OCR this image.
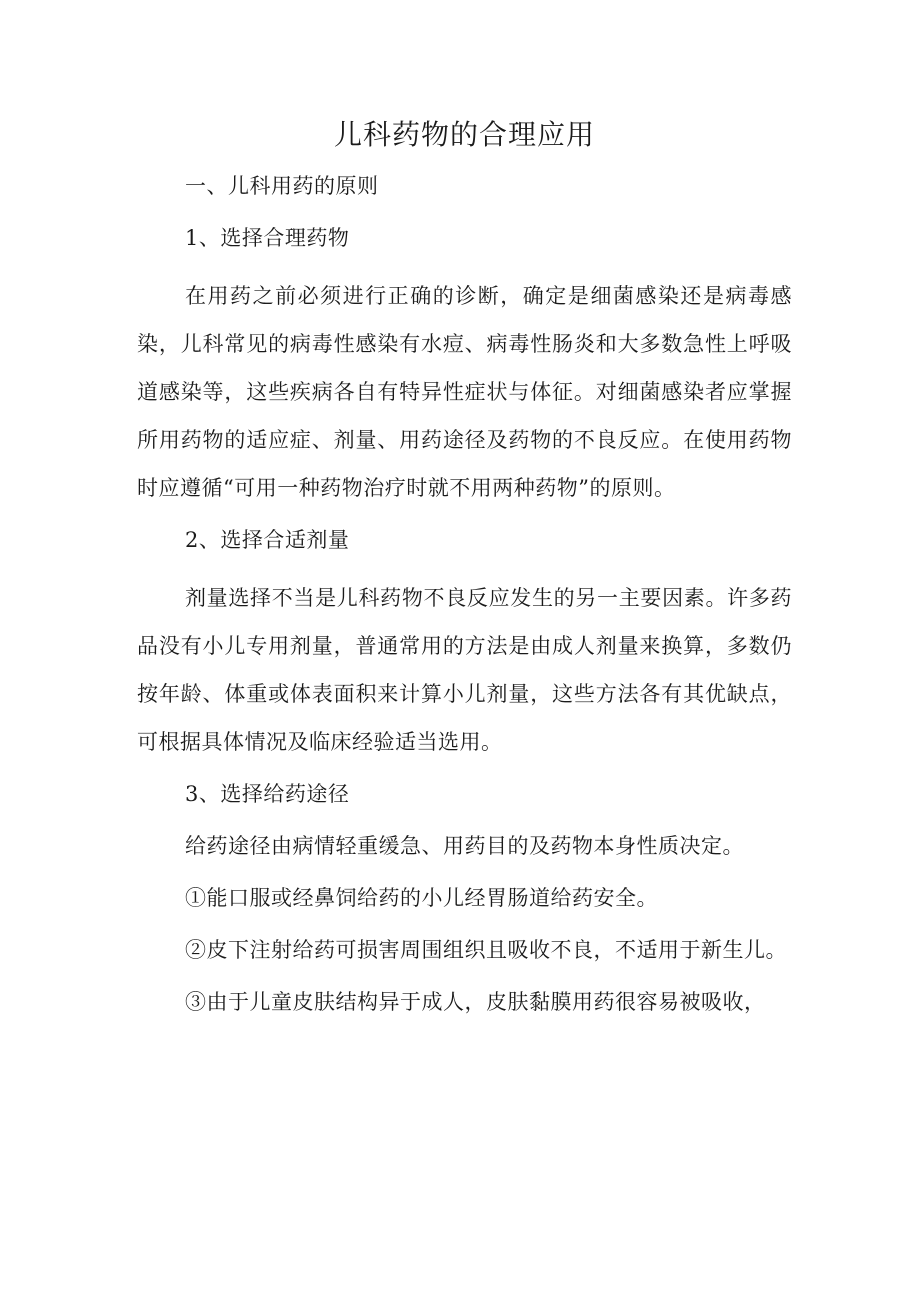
儿科药物的合理应用

一、儿科用药的原则

1、选择合理药物

在用药之前必须进行正确的诊断，确定是细菌感染还是病毒感染，儿科常见的病毒性感染有水痘、病毒性肠炎和大多数急性上呼吸道感染等，这些疾病各自有特异性症状与体征。对细菌感染者应掌握所用药物的适应症、剂量、用药途径及药物的不良反应。在使用药物时应遵循“可用一种药物治疗时就不用两种药物”的原则。

2、选择合适剂量

剂量选择不当是儿科药物不良反应发生的另一主要因素。许多药品没有小儿专用剂量，普通常用的方法是由成人剂量来换算，多数仍按年龄、体重或体表面积来计算小儿剂量，这些方法各有其优缺点，可根据具体情况及临床经验适当选用。

3、选择给药途径

给药途径由病情轻重缓急、用药目的及药物本身性质决定。

①能口服或经鼻饲给药的小儿经胃肠道给药安全。

②皮下注射给药可损害周围组织且吸收不良，不适用于新生儿。

③由于儿童皮肤结构异于成人，皮肤黏膜用药很容易被吸收，
